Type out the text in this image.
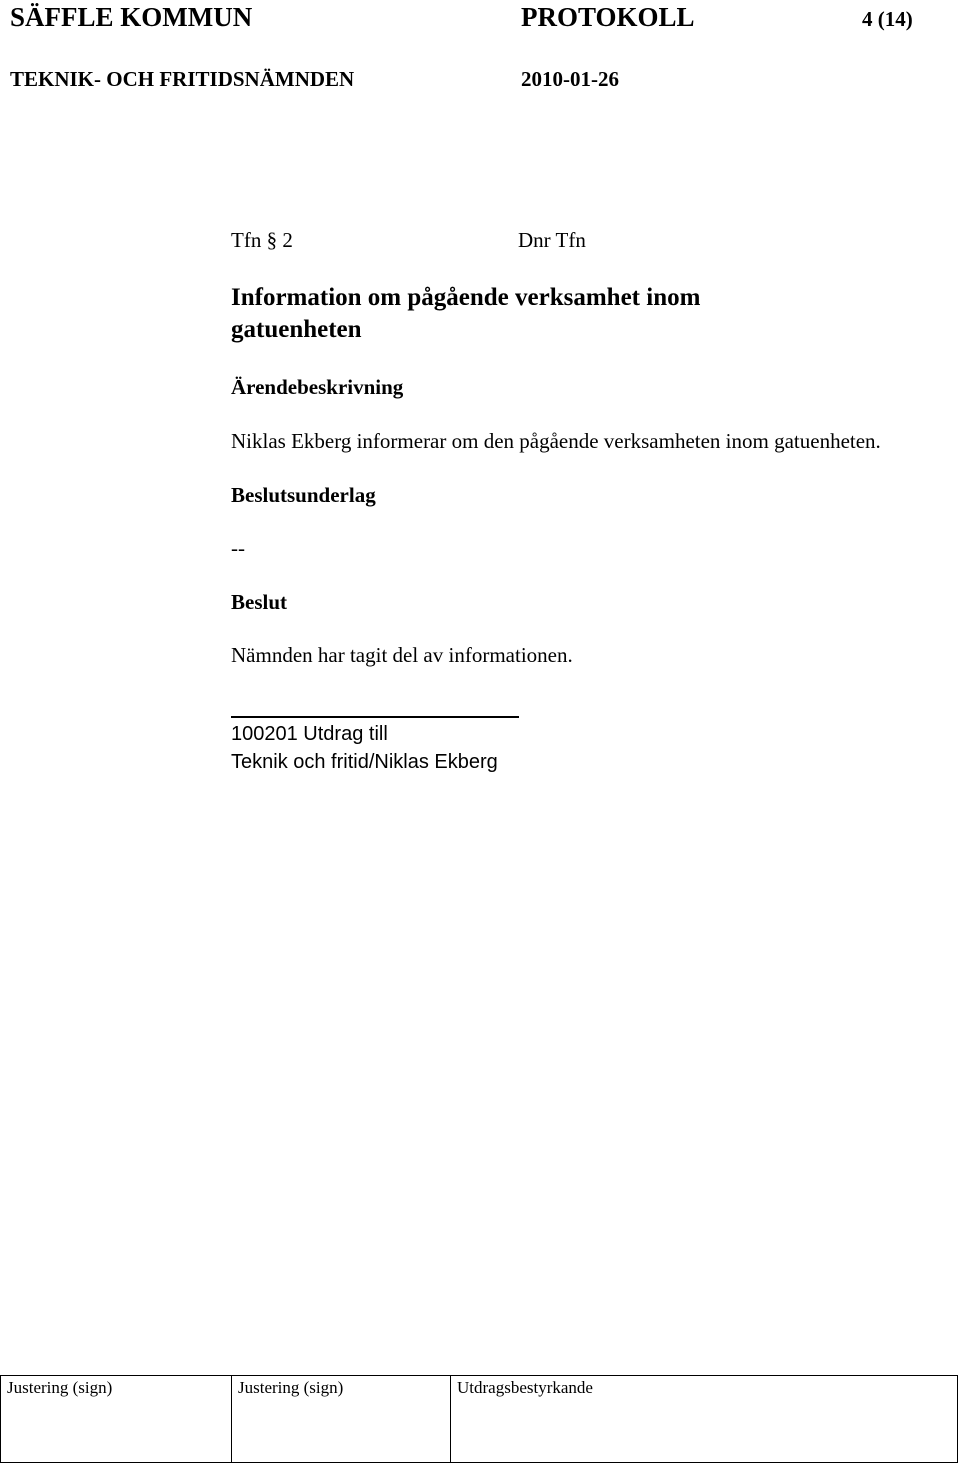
SÄFFLE KOMMUN	PROTOKOLL	4 (14)
TEKNIK- OCH FRITIDSNÄMNDEN	2010-01-26
Tfn § 2	Dnr Tfn
Information om pågående verksamhet inom gatuenheten
Ärendebeskrivning
Niklas Ekberg informerar om den pågående verksamheten inom gatuenheten.
Beslutsunderlag
--
Beslut
Nämnden har tagit del av informationen.
100201 Utdrag till
Teknik och fritid/Niklas Ekberg
Justering (sign)	Justering (sign)	Utdragsbestyrkande
